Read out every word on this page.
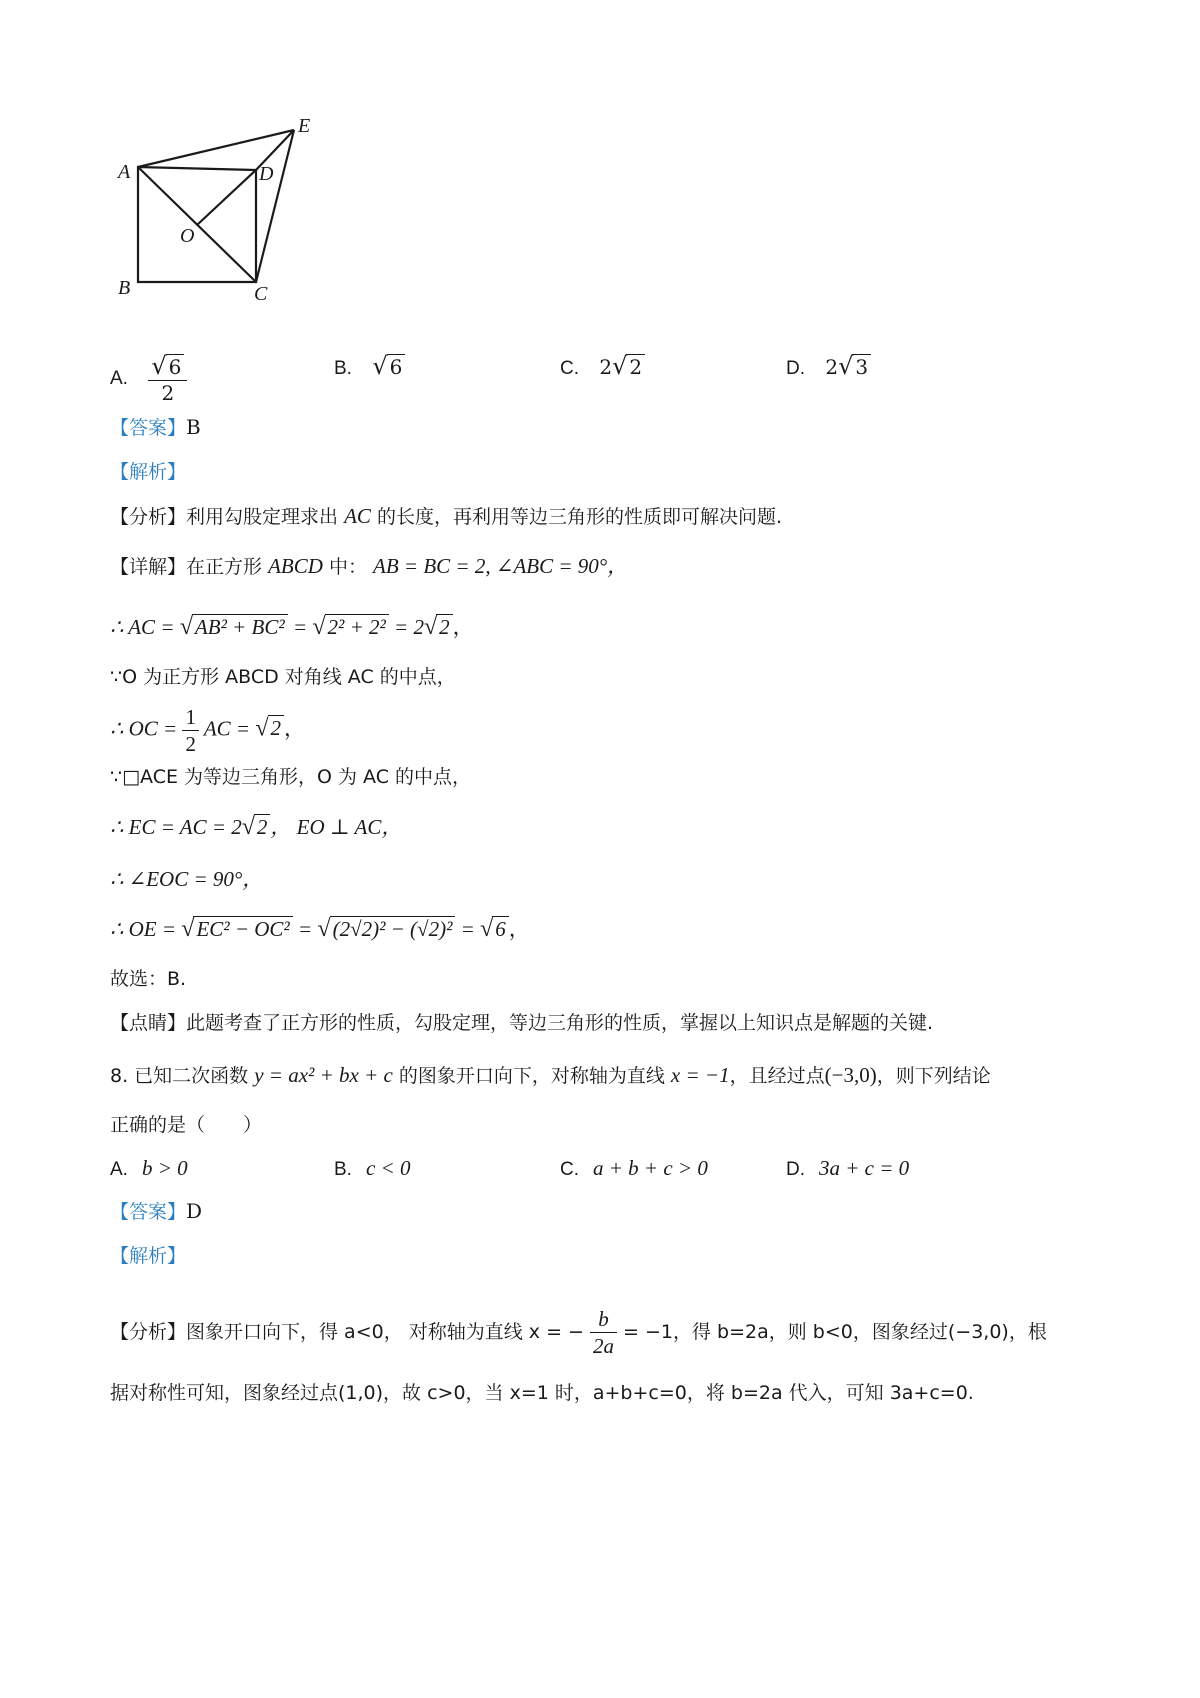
A
B	C
D
E
O
A. $\frac{√ 6}{2}$	B. √ 6	C. 2√ 2	D. 2√ 3
【答案】B
【解析】
【分析】利用勾股定理求出 AC 的长度，再利用等边三角形的性质即可解决问题.
【详解】在正方形 ABCD 中： AB = BC = 2, ∠ABC = 90°，
∴ AC = √AB² + BC² = √2² + 2² = 2√2 ，
∵O 为正方形 ABCD 对角线 AC 的中点，
∴ OC = $\frac{1}{2}$ AC = √2 ，
∵□ACE 为等边三角形，O 为 AC 的中点，
∴ EC = AC = 2√2 ， EO ⊥ AC，
∴ ∠EOC = 90°，
∴ OE = √EC² − OC² = √(2√2)² − (√2)² = √6 ，
故选：B.
【点睛】此题考查了正方形的性质，勾股定理，等边三角形的性质，掌握以上知识点是解题的关键.
8. 已知二次函数 y = ax² + bx + c 的图象开口向下，对称轴为直线 x = −1，且经过点(−3,0)，则下列结论
正确的是（　　）
A. b > 0	B. c < 0	C. a + b + c > 0	D. 3a + c = 0
【答案】D
【解析】
【分析】图象开口向下，得 a<0， 对称轴为直线 x = − $\frac{b}{2a} = -1$，得 b=2a，则 b<0，图象经过(−3,0)，根
据对称性可知，图象经过点(1,0)，故 c>0，当 x=1 时，a+b+c=0，将 b=2a 代入，可知 3a+c=0.
